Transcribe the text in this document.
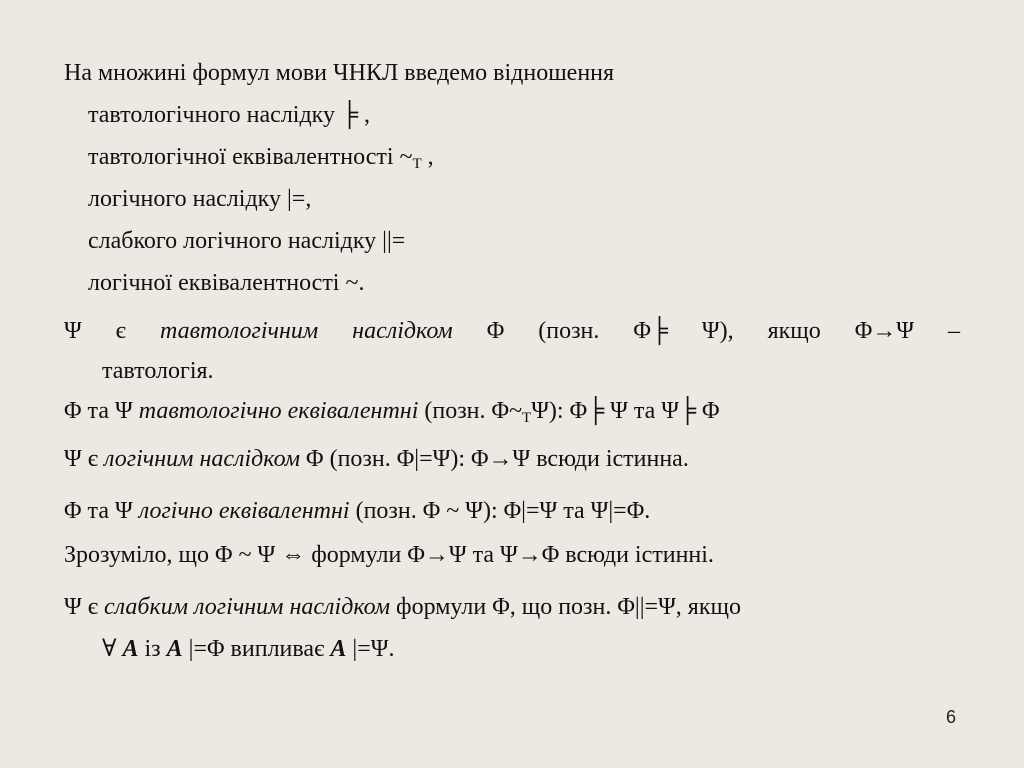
На множині формул мови ЧНКЛ введемо відношення
тавтологічного наслідку ╞ ,
тавтологічної еквівалентності $\sim_T$ ,
логічного наслідку |=,
слабкого логічного наслідку ||=
логічної еквівалентності ~.
Ψ є тавтологічним наслідком Φ (позн. Φ╞ Ψ), якщо Φ→Ψ –
тавтологія.
Φ та Ψ тавтологічно еквівалентні (позн. $\Phi\sim_T\Psi$): Φ╞ Ψ та Ψ╞ Φ
Ψ є логічним наслідком Φ (позн. Φ|=Ψ): Φ→Ψ всюди істинна.
Φ та Ψ логічно еквівалентні (позн. Φ ~ Ψ): Φ|=Ψ та Ψ|=Φ.
Зрозуміло, що Φ ~ Ψ ⇔ формули Φ→Ψ та Ψ→Φ всюди істинні.
Ψ є слабким логічним наслідком формули Φ, що позн. Φ||=Ψ, якщо
∀ A із A |=Φ випливає A |=Ψ.
6
